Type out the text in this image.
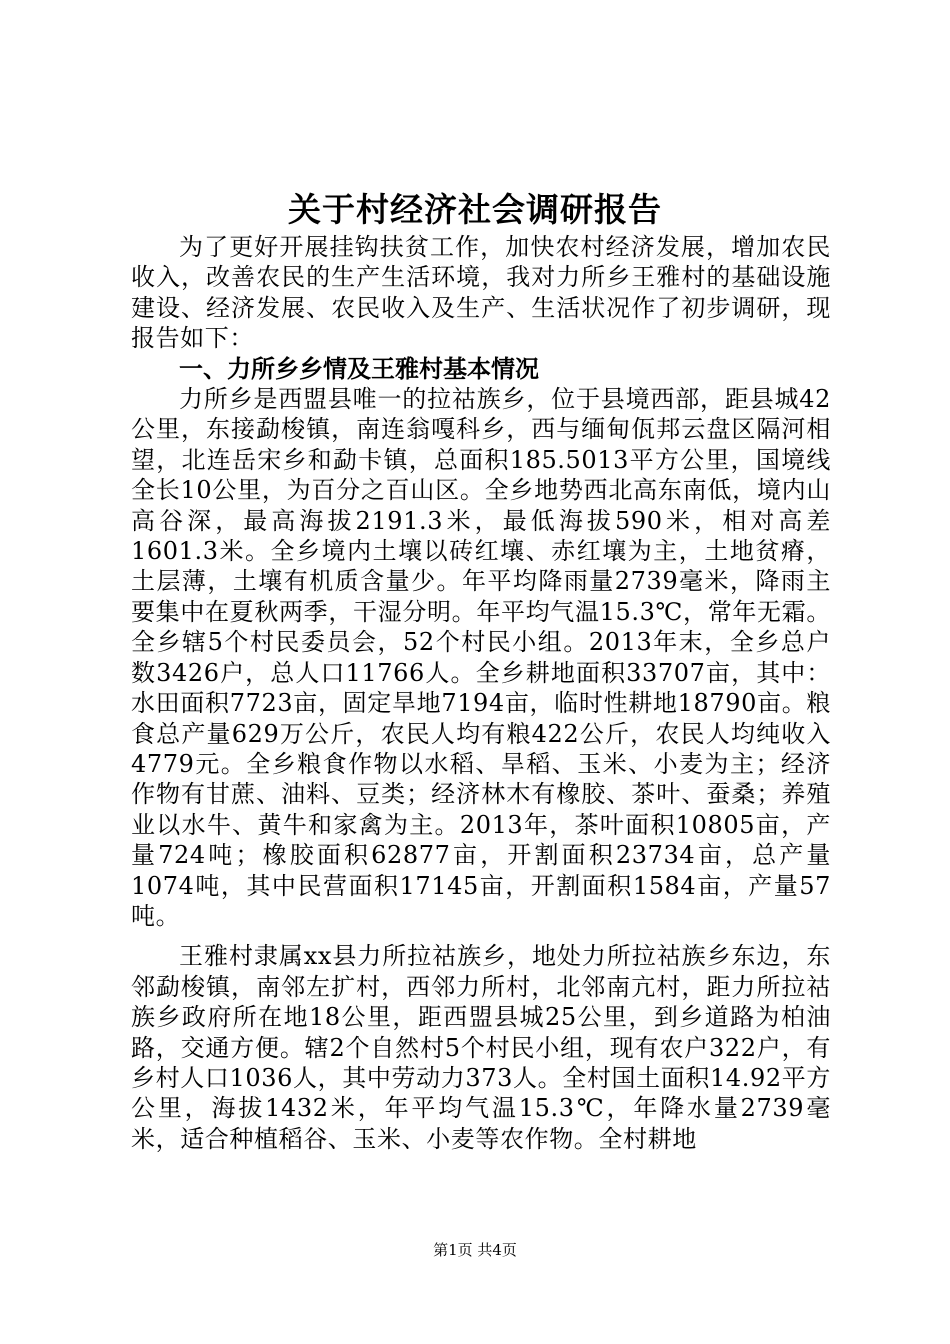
关于村经济社会调研报告

为了更好开展挂钩扶贫工作，加快农村经济发展，增加农民收入，改善农民的生产生活环境，我对力所乡王雅村的基础设施建设、经济发展、农民收入及生产、生活状况作了初步调研，现报告如下：

一、力所乡乡情及王雅村基本情况

力所乡是西盟县唯一的拉祜族乡，位于县境西部，距县城42公里，东接勐梭镇，南连翁嘎科乡，西与缅甸佤邦云盘区隔河相望，北连岳宋乡和勐卡镇，总面积185.5013平方公里，国境线全长10公里，为百分之百山区。全乡地势西北高东南低，境内山高谷深，最高海拔2191.3米，最低海拔590米，相对高差1601.3米。全乡境内土壤以砖红壤、赤红壤为主，土地贫瘠，土层薄，土壤有机质含量少。年平均降雨量2739毫米，降雨主要集中在夏秋两季，干湿分明。年平均气温15.3℃，常年无霜。全乡辖5个村民委员会，52个村民小组。2013年末，全乡总户数3426户，总人口11766人。全乡耕地面积33707亩，其中：水田面积7723亩，固定旱地7194亩，临时性耕地18790亩。粮食总产量629万公斤，农民人均有粮422公斤，农民人均纯收入4779元。全乡粮食作物以水稻、旱稻、玉米、小麦为主；经济作物有甘蔗、油料、豆类；经济林木有橡胶、茶叶、蚕桑；养殖业以水牛、黄牛和家禽为主。2013年，茶叶面积10805亩，产量724吨；橡胶面积62877亩，开割面积23734亩，总产量1074吨，其中民营面积17145亩，开割面积1584亩，产量57吨。

王雅村隶属xx县力所拉祜族乡，地处力所拉祜族乡东边，东邻勐梭镇，南邻左扩村，西邻力所村，北邻南亢村，距力所拉祜族乡政府所在地18公里，距西盟县城25公里，到乡道路为柏油路，交通方便。辖2个自然村5个村民小组，现有农户322户，有乡村人口1036人，其中劳动力373人。全村国土面积14.92平方公里，海拔1432米，年平均气温15.3℃，年降水量2739毫米，适合种植稻谷、玉米、小麦等农作物。全村耕地

第1页 共4页
